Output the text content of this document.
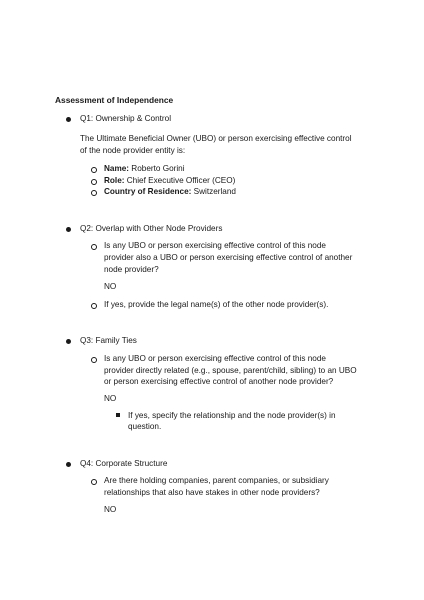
Assessment of Independence
Q1: Ownership & Control
The Ultimate Beneficial Owner (UBO) or person exercising effective control
of the node provider entity is:
Name: Roberto Gorini
Role: Chief Executive Officer (CEO)
Country of Residence: Switzerland
Q2: Overlap with Other Node Providers
Is any UBO or person exercising effective control of this node
provider also a UBO or person exercising effective control of another
node provider?
NO
If yes, provide the legal name(s) of the other node provider(s).
Q3: Family Ties
Is any UBO or person exercising effective control of this node
provider directly related (e.g., spouse, parent/child, sibling) to an UBO
or person exercising effective control of another node provider?
NO
If yes, specify the relationship and the node provider(s) in
question.
Q4: Corporate Structure
Are there holding companies, parent companies, or subsidiary
relationships that also have stakes in other node providers?
NO
